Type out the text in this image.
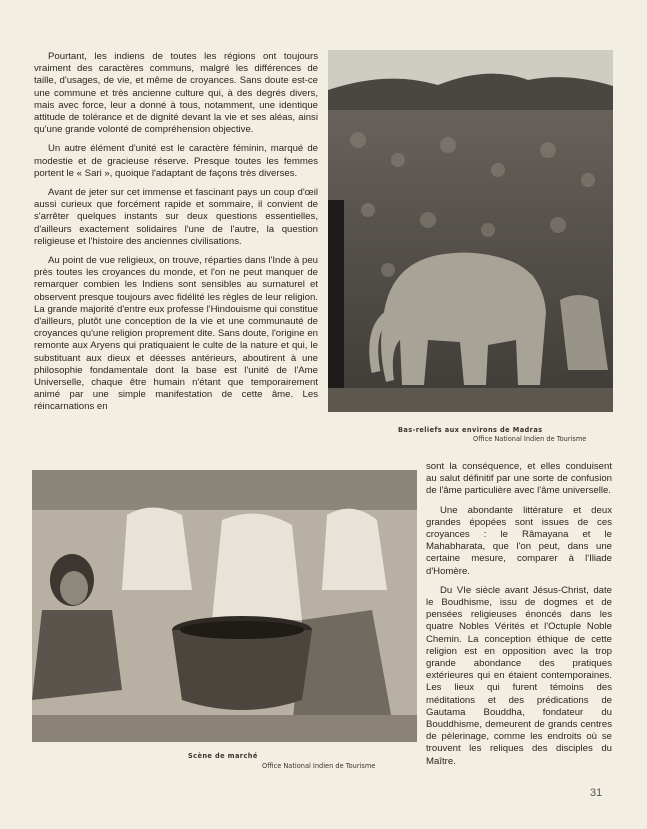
Pourtant, les indiens de toutes les régions ont toujours vraiment des caractères communs, malgré les différences de taille, d'usages, de vie, et même de croyances. Sans doute est-ce une commune et très ancienne culture qui, à des degrés divers, mais avec force, leur a donné à tous, notamment, une identique attitude de tolérance et de dignité devant la vie et ses aléas, ainsi qu'une grande volonté de compréhension objective.

Un autre élément d'unité est le caractère féminin, marqué de modestie et de gracieuse réserve. Presque toutes les femmes portent le « Sari », quoique l'adaptant de façons très diverses.

Avant de jeter sur cet immense et fascinant pays un coup d'œil aussi curieux que forcément rapide et sommaire, il convient de s'arrêter quelques instants sur deux questions essentielles, d'ailleurs exactement solidaires l'une de l'autre, la question religieuse et l'histoire des anciennes civilisations.

Au point de vue religieux, on trouve, réparties dans l'Inde à peu près toutes les croyances du monde, et l'on ne peut manquer de remarquer combien les Indiens sont sensibles au surnaturel et observent presque toujours avec fidélité les règles de leur religion. La grande majorité d'entre eux professe l'Hindouisme qui constitue d'ailleurs, plutôt une conception de la vie et une communauté de croyances qu'une religion proprement dite. Sans doute, l'origine en remonte aux Aryens qui pratiquaient le culte de la nature et qui, le substituant aux dieux et déesses antérieurs, aboutirent à une philosophie fondamentale dont la base est l'unité de l'Ame Universelle, chaque être humain n'étant que temporairement animé par une simple manifestation de cette âme. Les réincarnations en

Bas-reliefs aux environs de Madras
Office National Indien de Tourisme
Scène de marché
Office National Indien de Tourisme

sont la conséquence, et elles conduisent au salut définitif par une sorte de confusion de l'âme particulière avec l'âme universelle.

Une abondante littérature et deux grandes épopées sont issues de ces croyances : le Râmayana et le Mahabharata, que l'on peut, dans une certaine mesure, comparer à l'Iliade d'Homère.

Du VIe siècle avant Jésus-Christ, date le Boudhisme, issu de dogmes et de pensées religieuses énoncés dans les quatre Nobles Vérités et l'Octuple Noble Chemin. La conception éthique de cette religion est en opposition avec la trop grande abondance des pratiques extérieures qui en étaient contemporaines. Les lieux qui furent témoins des méditations et des prédications de Gautama Bouddha, fondateur du Bouddhisme, demeurent de grands centres de pèlerinage, comme les endroits où se trouvent les reliques des disciples du Maître.

31
